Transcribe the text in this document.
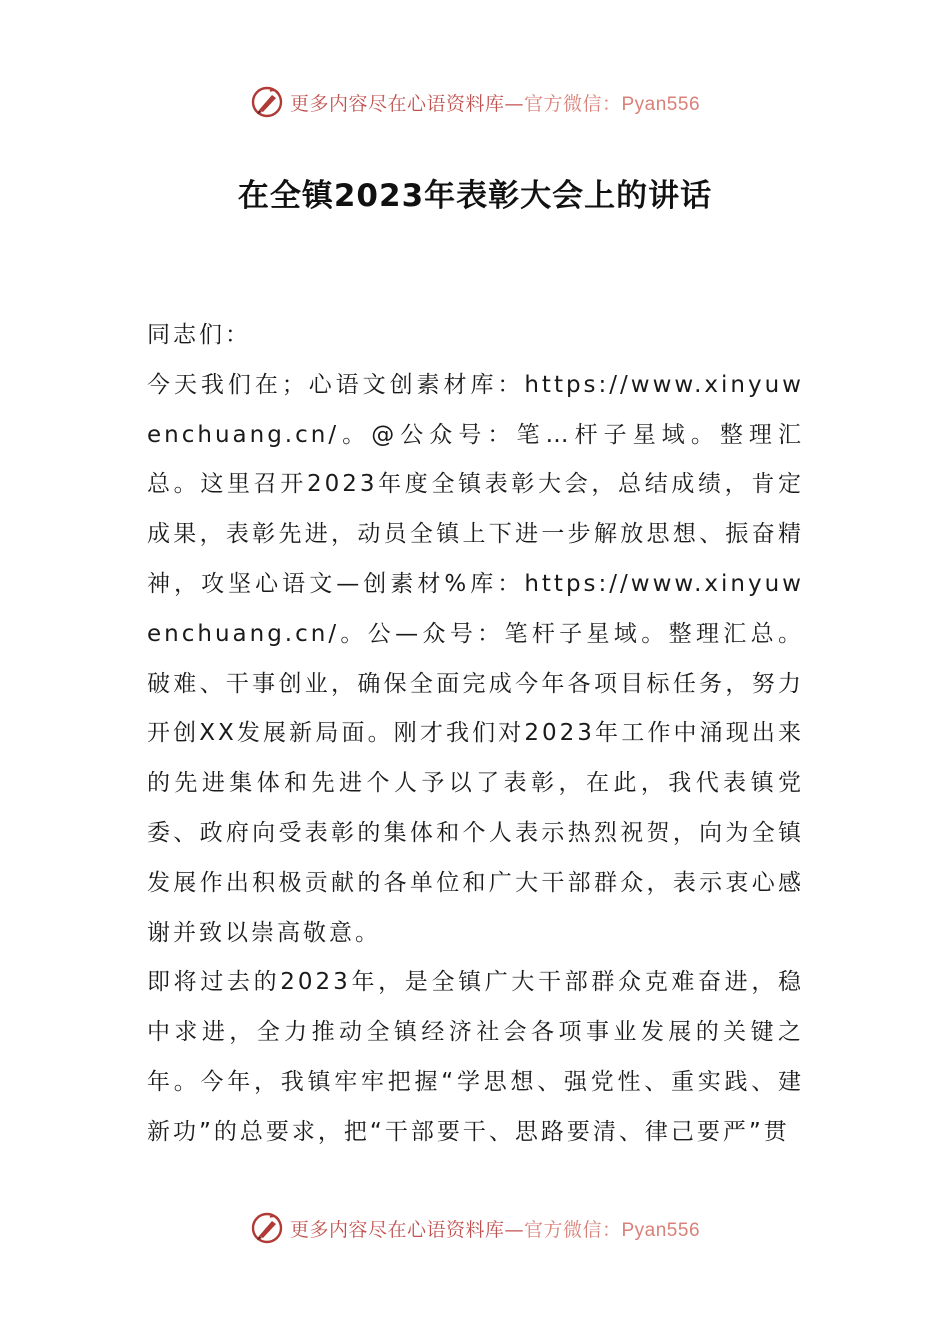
更多内容尽在心语资料库—官方微信：Pyan556
在全镇2023年表彰大会上的讲话

同志们：

今天我们在；心语文创素材库：https://www.xinyuwenchuang.cn/。@公众号：笔…杆子星域。整理汇总。这里召开2023年度全镇表彰大会，总结成绩，肯定成果，表彰先进，动员全镇上下进一步解放思想、振奋精神，攻坚心语文—创素材%库：https://www.xinyuwenchuang.cn/。公—众号：笔杆子星域。整理汇总。破难、干事创业，确保全面完成今年各项目标任务，努力开创XX发展新局面。刚才我们对2023年工作中涌现出来的先进集体和先进个人予以了表彰，在此，我代表镇党委、政府向受表彰的集体和个人表示热烈祝贺，向为全镇发展作出积极贡献的各单位和广大干部群众，表示衷心感谢并致以崇高敬意。

即将过去的2023年，是全镇广大干部群众克难奋进，稳中求进，全力推动全镇经济社会各项事业发展的关键之年。今年，我镇牢牢把握“学思想、强党性、重实践、建新功”的总要求，把“干部要干、思路要清、律己要严”贯

更多内容尽在心语资料库—官方微信：Pyan556
